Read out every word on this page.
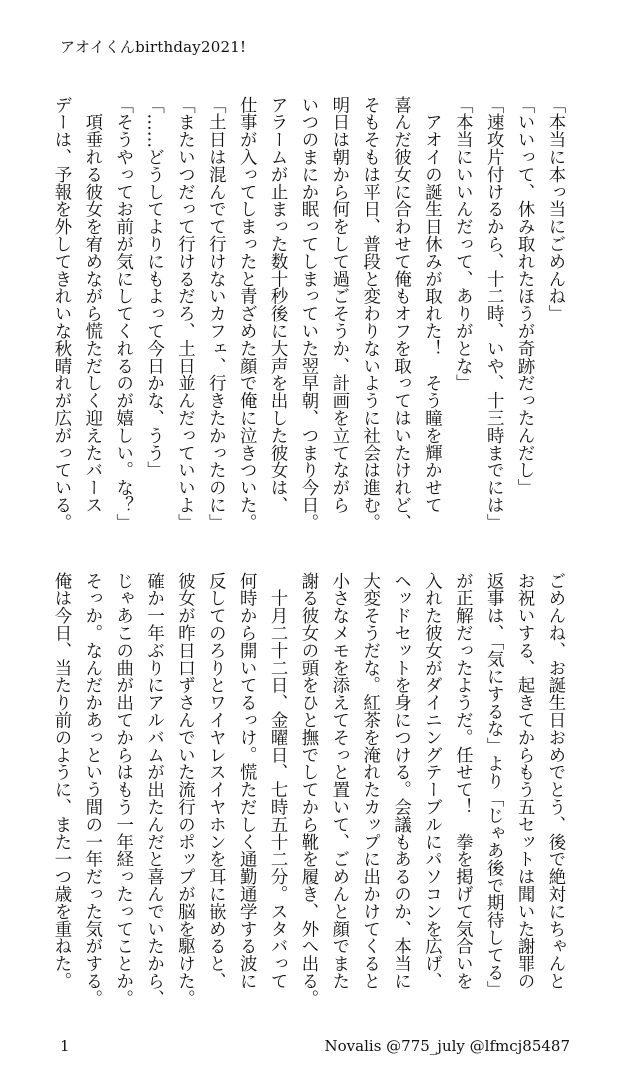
アオイくんbirthday2021!
「本当に本っ当にごめんね」
「いいって、休み取れたほうが奇跡だったんだし」
「速攻片付けるから、十二時、いや、十三時までには」
「本当にいいんだって、ありがとな」
　アオイの誕生日休みが取れた！　そう瞳を輝かせて
喜んだ彼女に合わせて俺もオフを取ってはいたけれど、
そもそもは平日、普段と変わりないように社会は進む。
明日は朝から何をして過ごそうか、計画を立てながら
いつのまにか眠ってしまっていた翌早朝、つまり今日。
アラームが止まった数十秒後に大声を出した彼女は、
仕事が入ってしまったと青ざめた顔で俺に泣きついた。
「土日は混んでて行けないカフェ、行きたかったのに」
「またいつだって行けるだろ、土日並んだっていいよ」
「……どうしてよりにもよって今日かな、うう」
「そうやってお前が気にしてくれるのが嬉しい。な？」
　項垂れる彼女を宥めながら慌ただしく迎えたバース
デーは、予報を外してきれいな秋晴れが広がっている。
ごめんね、お誕生日おめでとう、後で絶対にちゃんと
お祝いする、起きてからもう五セットは聞いた謝罪の
返事は、「気にするな」より「じゃあ後で期待してる」
が正解だったようだ。任せて！　拳を掲げて気合いを
入れた彼女がダイニングテーブルにパソコンを広げ、
ヘッドセットを身につける。会議もあるのか、本当に
大変そうだな。紅茶を淹れたカップに出かけてくると
小さなメモを添えてそっと置いて、ごめんと顔でまた
謝る彼女の頭をひと撫でしてから靴を履き、外へ出る。
　十月二十二日、金曜日、七時五十二分。スタバって
何時から開いてるっけ。慌ただしく通勤通学する波に
反してのろりとワイヤレスイヤホンを耳に嵌めると、
彼女が昨日口ずさんでいた流行のポップが脳を駆けた。
確か一年ぶりにアルバムが出たんだと喜んでいたから、
じゃあこの曲が出てからはもう一年経ったってことか。
そっか。なんだかあっという間の一年だった気がする。
俺は今日、当たり前のように、また一つ歳を重ねた。
1	Novalis @775_july @lfmcj85487
